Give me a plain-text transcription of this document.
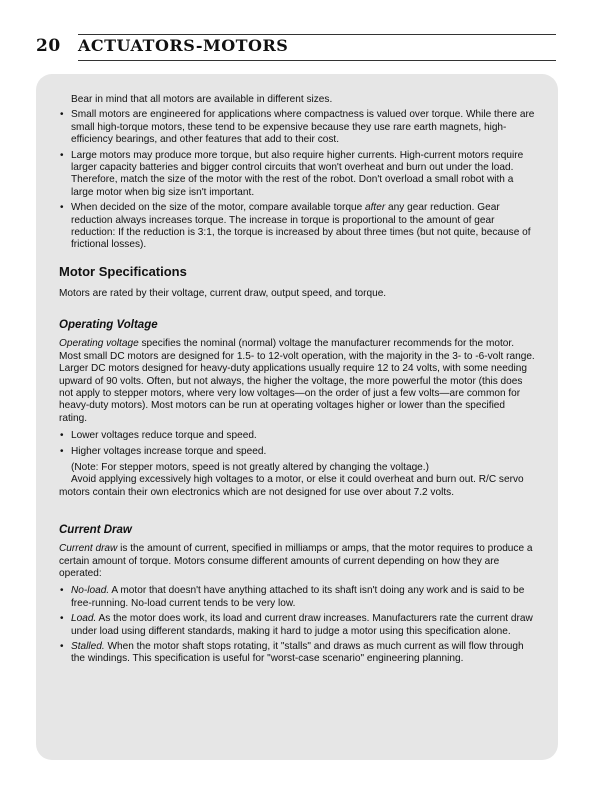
20 ACTUATORS-MOTORS

Bear in mind that all motors are available in different sizes.

• Small motors are engineered for applications where compactness is valued over torque. While there are small high-torque motors, these tend to be expensive because they use rare earth magnets, high-efficiency bearings, and other features that add to their cost.
• Large motors may produce more torque, but also require higher currents. High-current motors require larger capacity batteries and bigger control circuits that won't overheat and burn out under the load. Therefore, match the size of the motor with the rest of the robot. Don't overload a small robot with a large motor when big size isn't important.
• When decided on the size of the motor, compare available torque after any gear reduction. Gear reduction always increases torque. The increase in torque is proportional to the amount of gear reduction: If the reduction is 3:1, the torque is increased by about three times (but not quite, because of frictional losses).
Motor Specifications

Motors are rated by their voltage, current draw, output speed, and torque.

Operating Voltage

Operating voltage specifies the nominal (normal) voltage the manufacturer recommends for the motor. Most small DC motors are designed for 1.5- to 12-volt operation, with the majority in the 3- to -6-volt range. Larger DC motors designed for heavy-duty applications usually require 12 to 24 volts, with some needing upward of 90 volts. Often, but not always, the higher the voltage, the more powerful the motor (this does not apply to stepper motors, where very low voltages—on the order of just a few volts—are common for heavy-duty motors). Most motors can be run at operating voltages higher or lower than the specified rating.

• Lower voltages reduce torque and speed.
• Higher voltages increase torque and speed.

(Note: For stepper motors, speed is not greatly altered by changing the voltage.)

Avoid applying excessively high voltages to a motor, or else it could overheat and burn out. R/C servo motors contain their own electronics which are not designed for use over about 7.2 volts.

Current Draw

Current draw is the amount of current, specified in milliamps or amps, that the motor requires to produce a certain amount of torque. Motors consume different amounts of current depending on how they are operated:

• No-load. A motor that doesn't have anything attached to its shaft isn't doing any work and is said to be free-running. No-load current tends to be very low.
• Load. As the motor does work, its load and current draw increases. Manufacturers rate the current draw under load using different standards, making it hard to judge a motor using this specification alone.
• Stalled. When the motor shaft stops rotating, it "stalls" and draws as much current as will flow through the windings. This specification is useful for "worst-case scenario" engineering planning.
